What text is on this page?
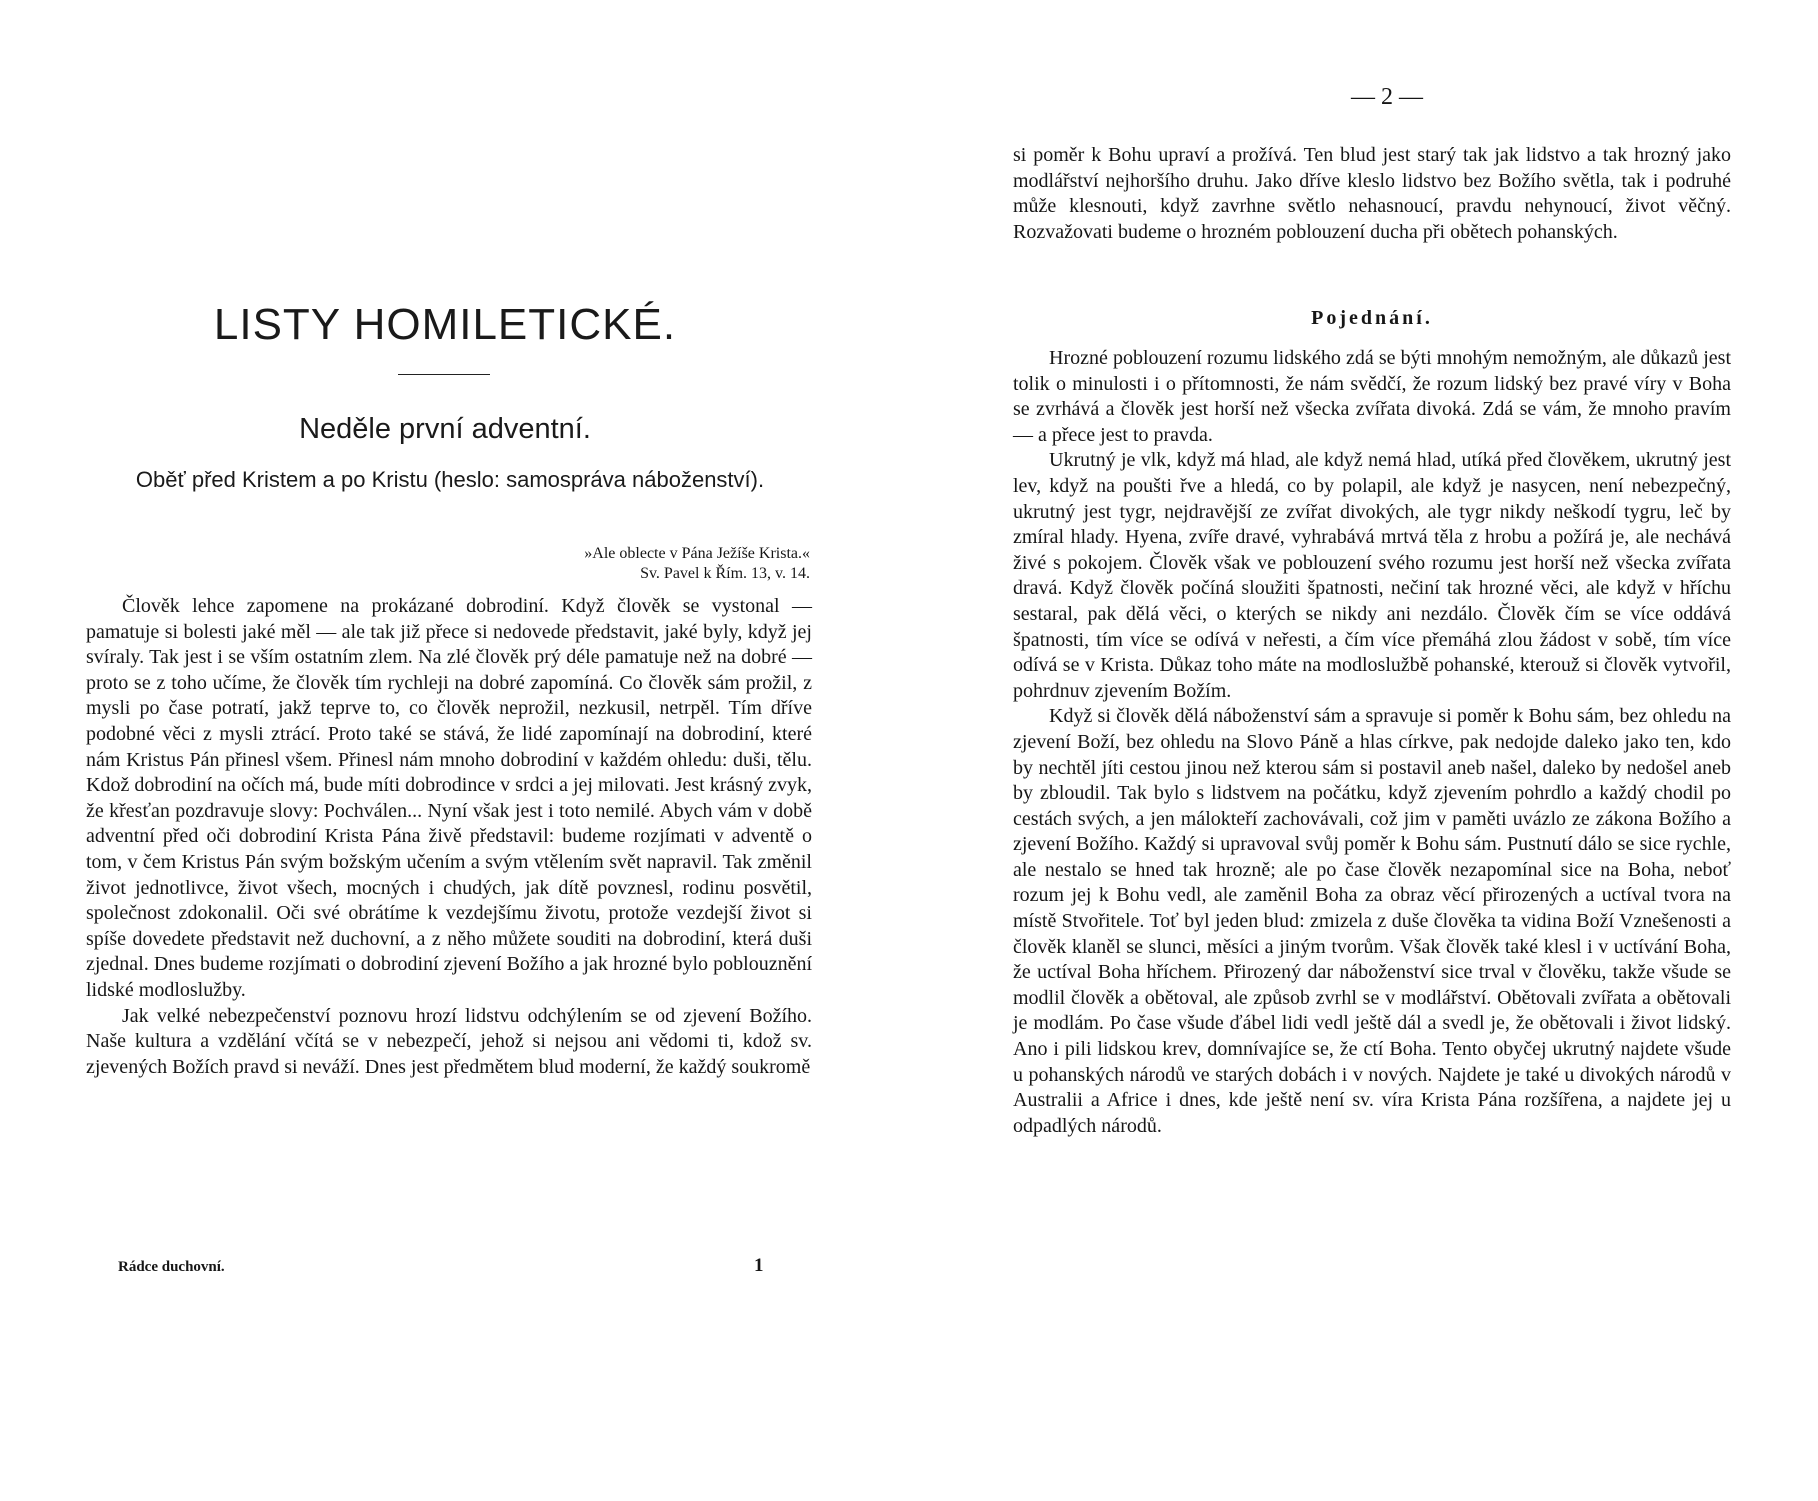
LISTY HOMILETICKÉ.
Neděle první adventní.

Oběť před Kristem a po Kristu (heslo: samospráva náboženství).

»Ale oblecte v Pána Ježíše Krista.«
Sv. Pavel k Řím. 13, v. 14.

Člověk lehce zapomene na prokázané dobrodiní. Když člověk se vystonal — pamatuje si bolesti jaké měl — ale tak již přece si nedovede představit, jaké byly, když jej svíraly. Tak jest i se vším ostatním zlem. Na zlé člověk prý déle pamatuje než na dobré — proto se z toho učíme, že člověk tím rychleji na dobré zapomíná. Co člověk sám prožil, z mysli po čase potratí, jakž teprve to, co člověk neprožil, nezkusil, netrpěl. Tím dříve podobné věci z mysli ztrácí. Proto také se stává, že lidé zapomínají na dobrodiní, které nám Kristus Pán přinesl všem. Přinesl nám mnoho dobrodiní v každém ohledu: duši, tělu. Kdož dobrodiní na očích má, bude míti dobrodince v srdci a jej milovati. Jest krásný zvyk, že křesťan pozdravuje slovy: Pochválen... Nyní však jest i toto nemilé. Abych vám v době adventní před oči dobrodiní Krista Pána živě představil: budeme rozjímati v adventě o tom, v čem Kristus Pán svým božským učením a svým vtělením svět napravil. Tak změnil život jednotlivce, život všech, mocných i chudých, jak dítě povznesl, rodinu posvětil, společnost zdokonalil. Oči své obrátíme k vezdejšímu životu, protože vezdejší život si spíše dovedete představit než duchovní, a z něho můžete souditi na dobrodiní, která duši zjednal. Dnes budeme rozjímati o dobrodiní zjevení Božího a jak hrozné bylo poblouznění lidské modloslužby.

Jak velké nebezpečenství poznovu hrozí lidstvu odchýlením se od zjevení Božího. Naše kultura a vzdělání včítá se v nebezpečí, jehož si nejsou ani vědomi ti, kdož sv. zjevených Božích pravd si neváží. Dnes jest předmětem blud moderní, že každý soukromě

Rádce duchovní.	1

— 2 —

si poměr k Bohu upraví a prožívá. Ten blud jest starý tak jak lidstvo a tak hrozný jako modlářství nejhoršího druhu. Jako dříve kleslo lidstvo bez Božího světla, tak i podruhé může klesnouti, když zavrhne světlo nehasnoucí, pravdu nehynoucí, život věčný. Rozvažovati budeme o hrozném poblouzení ducha při obětech pohanských.

Pojednání.

Hrozné poblouzení rozumu lidského zdá se býti mnohým nemožným, ale důkazů jest tolik o minulosti i o přítomnosti, že nám svědčí, že rozum lidský bez pravé víry v Boha se zvrhává a člověk jest horší než všecka zvířata divoká. Zdá se vám, že mnoho pravím — a přece jest to pravda.

Ukrutný je vlk, když má hlad, ale když nemá hlad, utíká před člověkem, ukrutný jest lev, když na poušti řve a hledá, co by polapil, ale když je nasycen, není nebezpečný, ukrutný jest tygr, nejdravější ze zvířat divokých, ale tygr nikdy neškodí tygru, leč by zmíral hlady. Hyena, zvíře dravé, vyhrabává mrtvá těla z hrobu a požírá je, ale nechává živé s pokojem. Člověk však ve poblouzení svého rozumu jest horší než všecka zvířata dravá. Když člověk počíná sloužiti špatnosti, nečiní tak hrozné věci, ale když v hříchu sestaral, pak dělá věci, o kterých se nikdy ani nezdálo. Člověk čím se více oddává špatnosti, tím více se odívá v neřesti, a čím více přemáhá zlou žádost v sobě, tím více odívá se v Krista. Důkaz toho máte na modloslužbě pohanské, kterouž si člověk vytvořil, pohrdnuv zjevením Božím.

Když si člověk dělá náboženství sám a spravuje si poměr k Bohu sám, bez ohledu na zjevení Boží, bez ohledu na Slovo Páně a hlas církve, pak nedojde daleko jako ten, kdo by nechtěl jíti cestou jinou než kterou sám si postavil aneb našel, daleko by nedošel aneb by zbloudil. Tak bylo s lidstvem na počátku, když zjevením pohrdlo a každý chodil po cestách svých, a jen málokteří zachovávali, což jim v paměti uvázlo ze zákona Božího a zjevení Božího. Každý si upravoval svůj poměr k Bohu sám. Pustnutí dálo se sice rychle, ale nestalo se hned tak hrozně; ale po čase člověk nezapomínal sice na Boha, neboť rozum jej k Bohu vedl, ale zaměnil Boha za obraz věcí přirozených a uctíval tvora na místě Stvořitele. Toť byl jeden blud: zmizela z duše člověka ta vidina Boží Vznešenosti a člověk klaněl se slunci, měsíci a jiným tvorům. Však člověk také klesl i v uctívání Boha, že uctíval Boha hříchem. Přirozený dar náboženství sice trval v člověku, takže všude se modlil člověk a obětoval, ale způsob zvrhl se v modlářství. Obětovali zvířata a obětovali je modlám. Po čase všude ďábel lidi vedl ještě dál a svedl je, že obětovali i život lidský. Ano i pili lidskou krev, domnívajíce se, že ctí Boha. Tento obyčej ukrutný najdete všude u pohanských národů ve starých dobách i v nových. Najdete je také u divokých národů v Australii a Africe i dnes, kde ještě není sv. víra Krista Pána rozšířena, a najdete jej u odpadlých národů.
